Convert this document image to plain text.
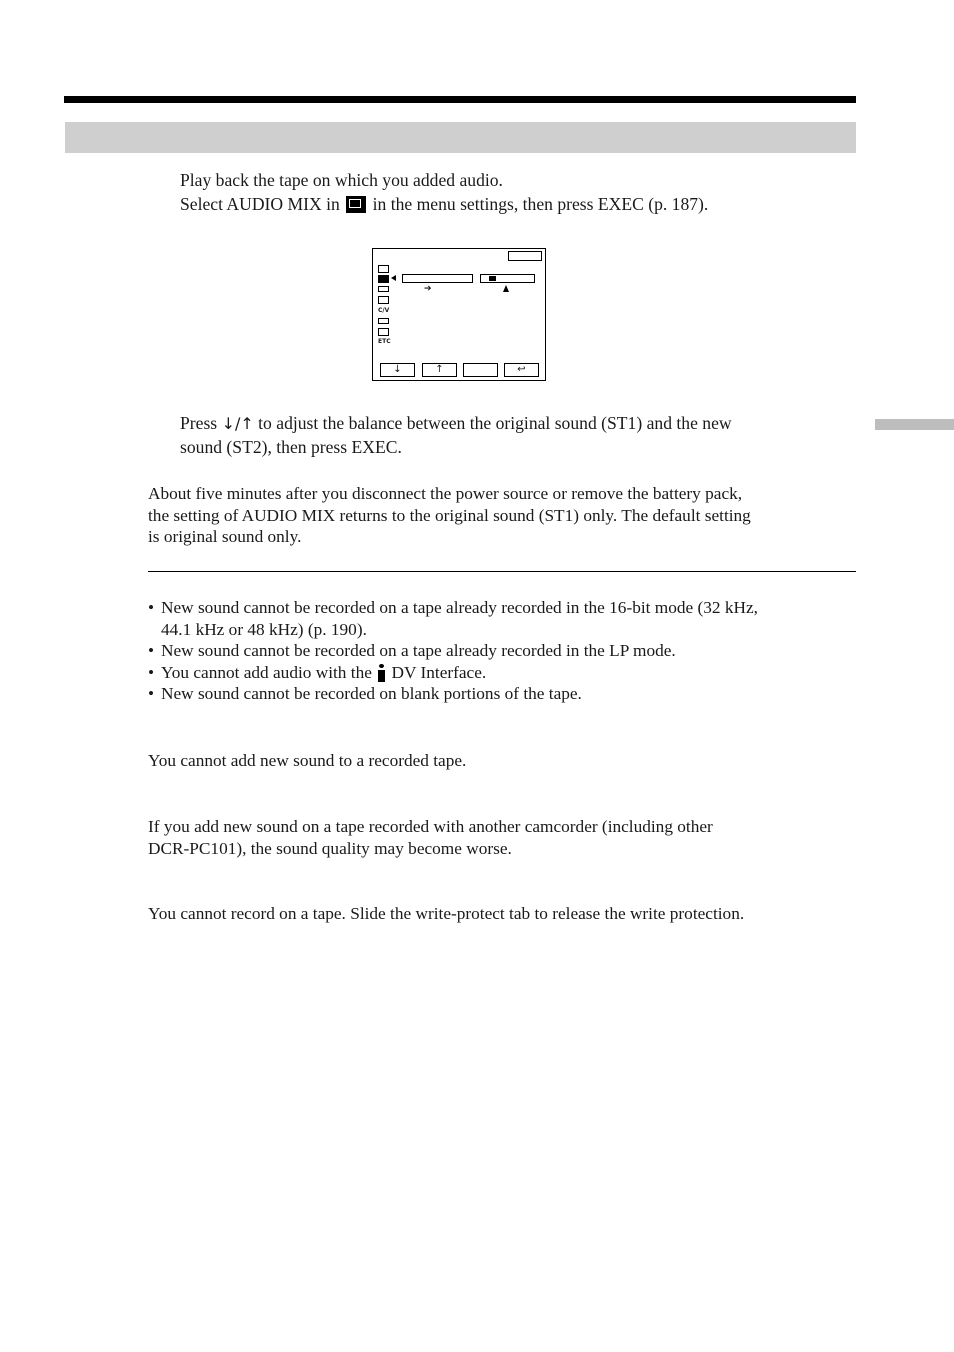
Play back the tape on which you added audio.
Select AUDIO MIX in in the menu settings, then press EXEC (p. 187).
C/V
ETC
➔
↓	↑	↩
Press ↓/↑ to adjust the balance between the original sound (ST1) and the new
sound (ST2), then press EXEC.
About five minutes after you disconnect the power source or remove the battery pack,
the setting of AUDIO MIX returns to the original sound (ST1) only. The default setting
is original sound only.
• New sound cannot be recorded on a tape already recorded in the 16-bit mode (32 kHz,
44.1 kHz or 48 kHz) (p. 190).
• New sound cannot be recorded on a tape already recorded in the LP mode.
• You cannot add audio with the DV Interface.
• New sound cannot be recorded on blank portions of the tape.
You cannot add new sound to a recorded tape.
If you add new sound on a tape recorded with another camcorder (including other
DCR-PC101), the sound quality may become worse.
You cannot record on a tape. Slide the write-protect tab to release the write protection.
